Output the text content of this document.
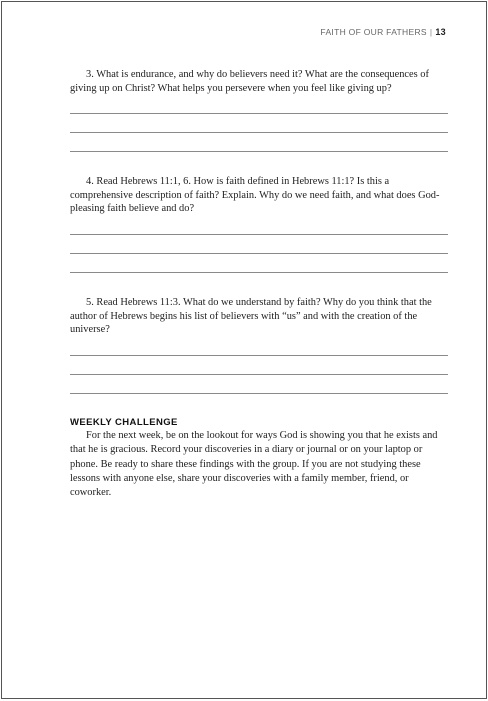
FAITH OF OUR FATHERS | 13

3. What is endurance, and why do believers need it? What are the consequences of giving up on Christ? What helps you persevere when you feel like giving up?

4. Read Hebrews 11:1, 6. How is faith defined in Hebrews 11:1? Is this a comprehensive description of faith? Explain. Why do we need faith, and what does God-pleasing faith believe and do?

5. Read Hebrews 11:3. What do we understand by faith? Why do you think that the author of Hebrews begins his list of believers with “us” and with the creation of the universe?

WEEKLY CHALLENGE

For the next week, be on the lookout for ways God is showing you that he exists and that he is gracious. Record your discoveries in a diary or journal or on your laptop or phone. Be ready to share these findings with the group. If you are not studying these lessons with anyone else, share your discoveries with a family member, friend, or coworker.
